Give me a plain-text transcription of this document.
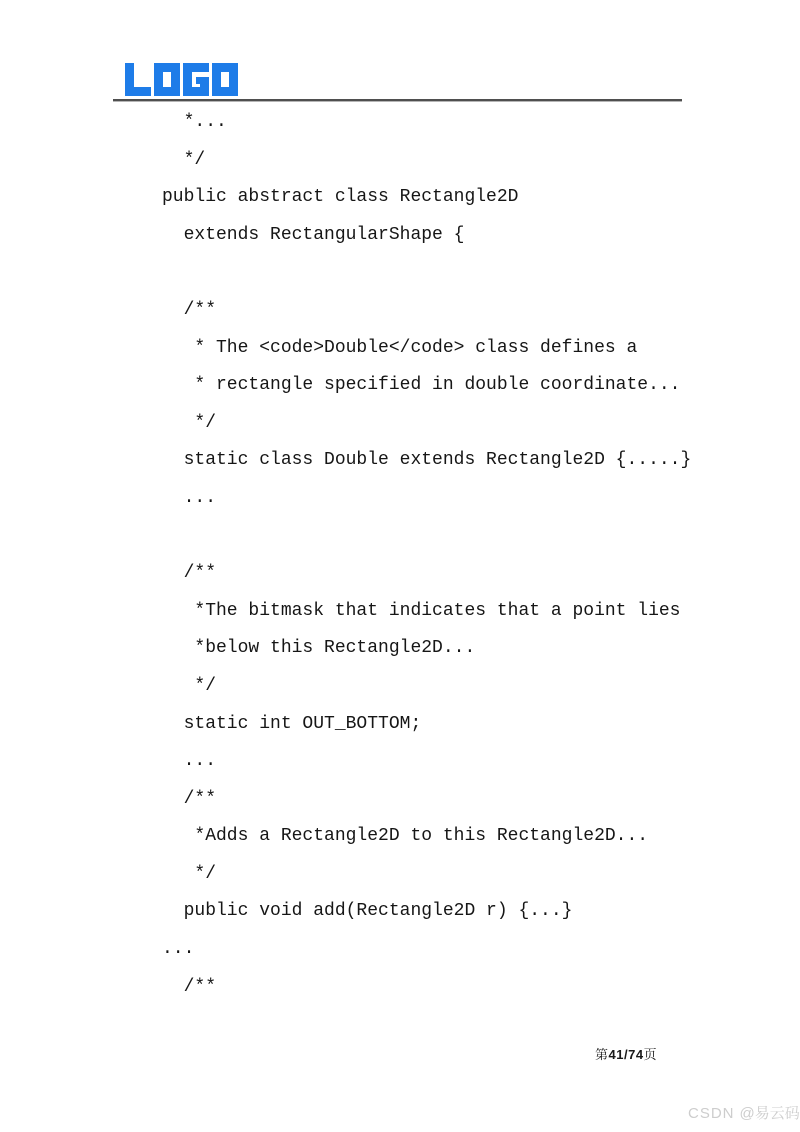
*...
*/
public abstract class Rectangle2D
extends RectangularShape {

/**
* The <code>Double</code> class defines a
* rectangle specified in double coordinate...
*/
static class Double extends Rectangle2D {.....}
...

/**
*The bitmask that indicates that a point lies
*below this Rectangle2D...
*/
static int OUT_BOTTOM;
...
/**
*Adds a Rectangle2D to this Rectangle2D...
*/
public void add(Rectangle2D r) {...}
...
/**
第41/74页
CSDN @易云码
